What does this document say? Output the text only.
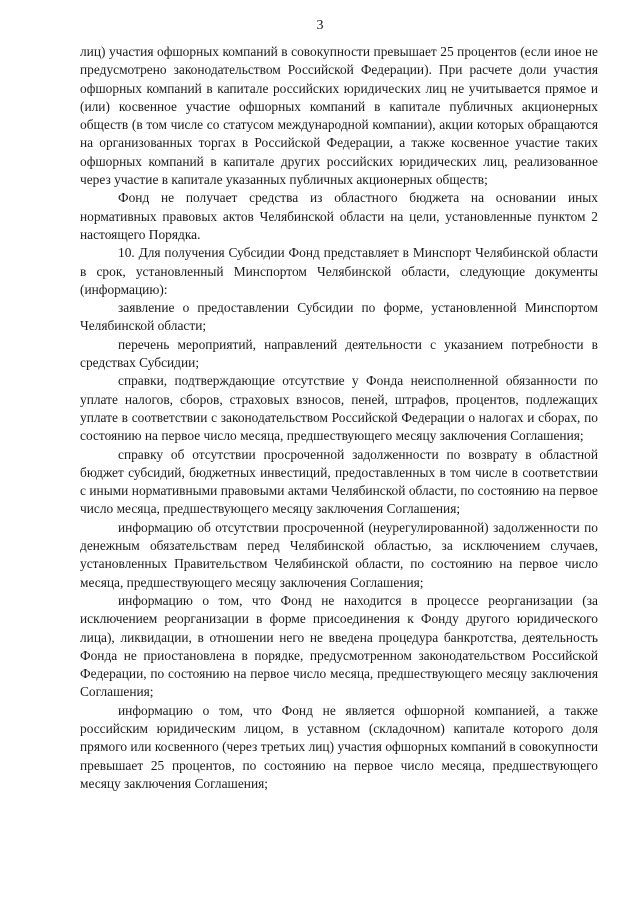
3

лиц) участия офшорных компаний в совокупности превышает 25 процентов (если иное не предусмотрено законодательством Российской Федерации). При расчете доли участия офшорных компаний в капитале российских юридических лиц не учитывается прямое и (или) косвенное участие офшорных компаний в капитале публичных акционерных обществ (в том числе со статусом международной компании), акции которых обращаются на организованных торгах в Российской Федерации, а также косвенное участие таких офшорных компаний в капитале других российских юридических лиц, реализованное через участие в капитале указанных публичных акционерных обществ;

Фонд не получает средства из областного бюджета на основании иных нормативных правовых актов Челябинской области на цели, установленные пунктом 2 настоящего Порядка.

10. Для получения Субсидии Фонд представляет в Минспорт Челябинской области в срок, установленный Минспортом Челябинской области, следующие документы (информацию):

заявление о предоставлении Субсидии по форме, установленной Минспортом Челябинской области;

перечень мероприятий, направлений деятельности с указанием потребности в средствах Субсидии;

справки, подтверждающие отсутствие у Фонда неисполненной обязанности по уплате налогов, сборов, страховых взносов, пеней, штрафов, процентов, подлежащих уплате в соответствии с законодательством Российской Федерации о налогах и сборах, по состоянию на первое число месяца, предшествующего месяцу заключения Соглашения;

справку об отсутствии просроченной задолженности по возврату в областной бюджет субсидий, бюджетных инвестиций, предоставленных в том числе в соответствии с иными нормативными правовыми актами Челябинской области, по состоянию на первое число месяца, предшествующего месяцу заключения Соглашения;

информацию об отсутствии просроченной (неурегулированной) задолженности по денежным обязательствам перед Челябинской областью, за исключением случаев, установленных Правительством Челябинской области, по состоянию на первое число месяца, предшествующего месяцу заключения Соглашения;

информацию о том, что Фонд не находится в процессе реорганизации (за исключением реорганизации в форме присоединения к Фонду другого юридического лица), ликвидации, в отношении него не введена процедура банкротства, деятельность Фонда не приостановлена в порядке, предусмотренном законодательством Российской Федерации, по состоянию на первое число месяца, предшествующего месяцу заключения Соглашения;

информацию о том, что Фонд не является офшорной компанией, а также российским юридическим лицом, в уставном (складочном) капитале которого доля прямого или косвенного (через третьих лиц) участия офшорных компаний в совокупности превышает 25 процентов, по состоянию на первое число месяца, предшествующего месяцу заключения Соглашения;
